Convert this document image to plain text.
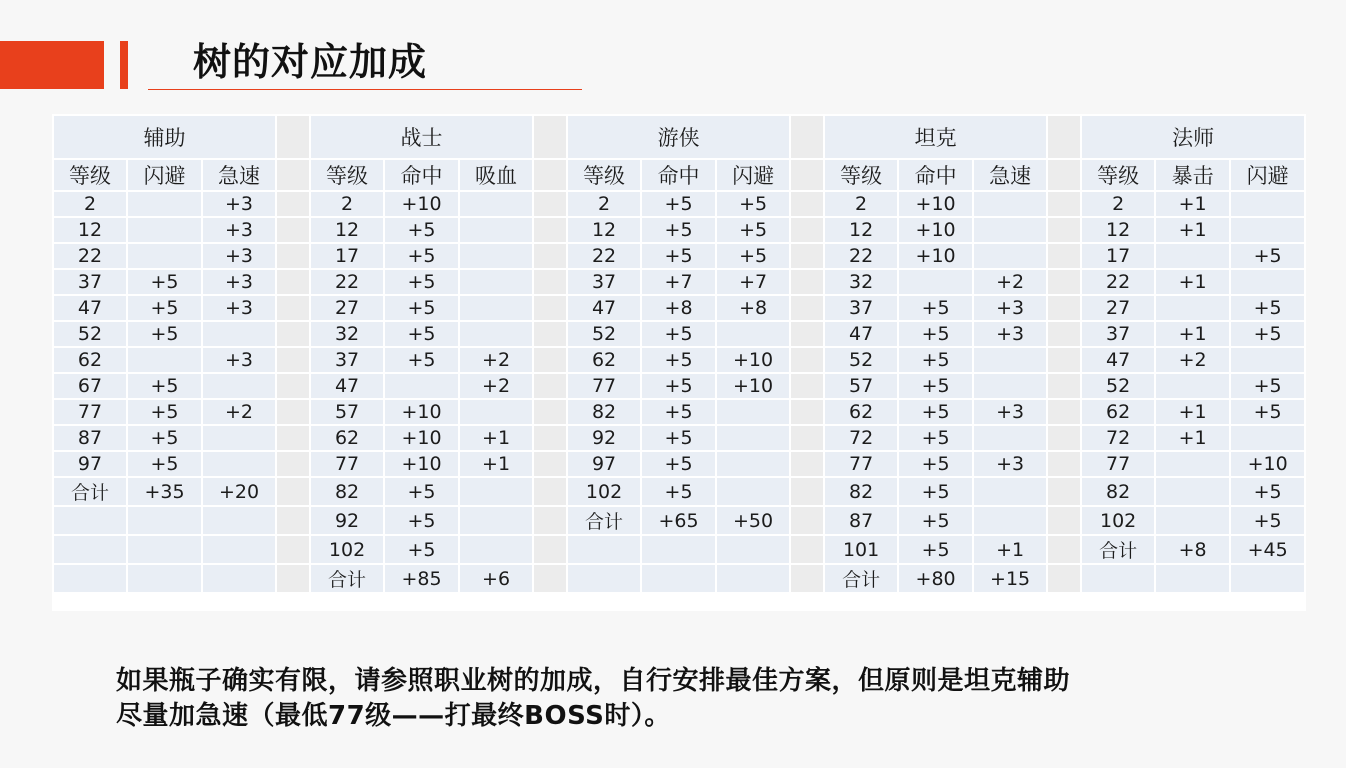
树的对应加成
辅助				战士				游侠				坦克				法师		
等级	闪避	急速		等级	命中	吸血		等级	命中	闪避		等级	命中	急速		等级	暴击	闪避
2		+3		2	+10			2	+5	+5		2	+10			2	+1	
12		+3		12	+5			12	+5	+5		12	+10			12	+1	
22		+3		17	+5			22	+5	+5		22	+10			17		+5
37	+5	+3		22	+5			37	+7	+7		32		+2		22	+1	
47	+5	+3		27	+5			47	+8	+8		37	+5	+3		27		+5
52	+5			32	+5			52	+5			47	+5	+3		37	+1	+5
62		+3		37	+5	+2		62	+5	+10		52	+5			47	+2	
67	+5			47		+2		77	+5	+10		57	+5			52		+5
77	+5	+2		57	+10			82	+5			62	+5	+3		62	+1	+5
87	+5			62	+10	+1		92	+5			72	+5			72	+1	
97	+5			77	+10	+1		97	+5			77	+5	+3		77		+10
合计	+35	+20		82	+5			102	+5			82	+5			82		+5
				92	+5			合计	+65	+50		87	+5			102		+5
				102	+5							101	+5	+1		合计	+8	+45
				合计	+85	+6						合计	+80	+15				
如果瓶子确实有限，请参照职业树的加成，自行安排最佳方案，但原则是坦克辅助
尽量加急速（最低77级——打最终BOSS时）。
